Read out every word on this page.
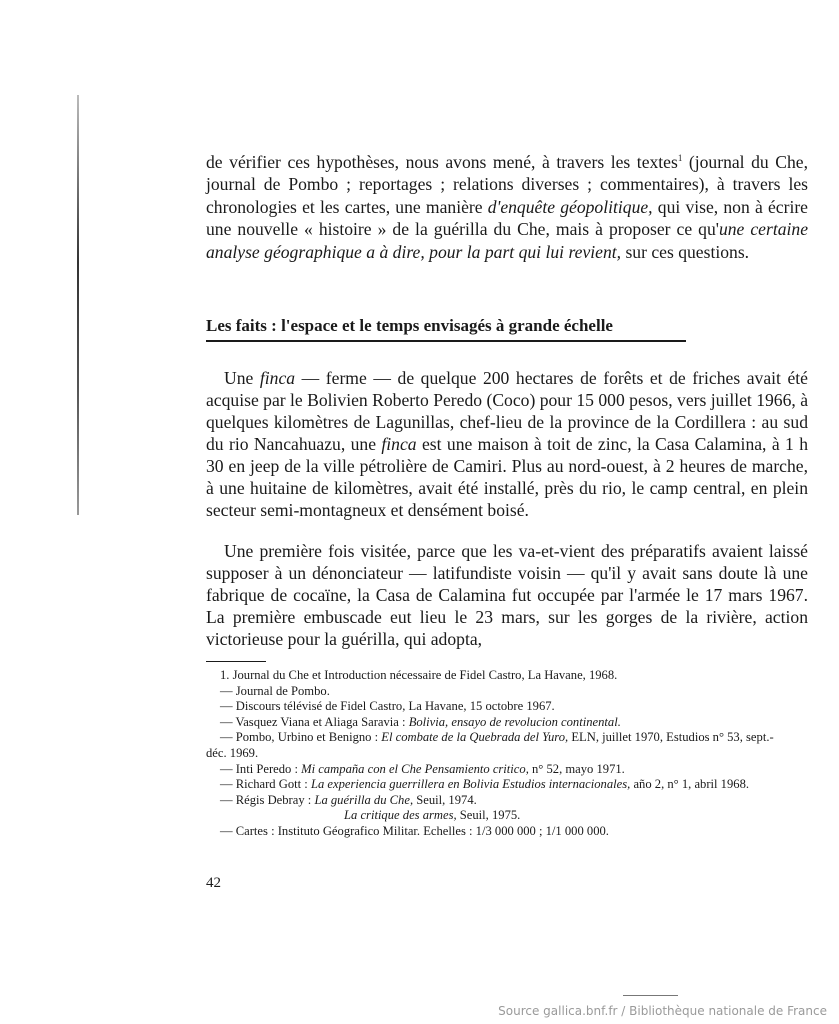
de vérifier ces hypothèses, nous avons mené, à travers les textes$^1$ (journal du Che, journal de Pombo ; reportages ; relations diverses ; commentaires), à travers les chronologies et les cartes, une manière d'enquête géopolitique, qui vise, non à écrire une nouvelle « histoire » de la guérilla du Che, mais à proposer ce qu'une certaine analyse géographique a à dire, pour la part qui lui revient, sur ces questions.

Les faits : l'espace et le temps envisagés à grande échelle

Une finca — ferme — de quelque 200 hectares de forêts et de friches avait été acquise par le Bolivien Roberto Peredo (Coco) pour 15 000 pesos, vers juillet 1966, à quelques kilomètres de Lagunillas, chef-lieu de la province de la Cordillera : au sud du rio Nancahuazu, une finca est une maison à toit de zinc, la Casa Calamina, à 1 h 30 en jeep de la ville pétrolière de Camiri. Plus au nord-ouest, à 2 heures de marche, à une huitaine de kilomètres, avait été installé, près du rio, le camp central, en plein secteur semi-montagneux et densément boisé.

Une première fois visitée, parce que les va-et-vient des préparatifs avaient laissé supposer à un dénonciateur — latifundiste voisin — qu'il y avait sans doute là une fabrique de cocaïne, la Casa de Calamina fut occupée par l'armée le 17 mars 1967. La première embuscade eut lieu le 23 mars, sur les gorges de la rivière, action victorieuse pour la guérilla, qui adopta,

1. Journal du Che et Introduction nécessaire de Fidel Castro, La Havane, 1968.
— Journal de Pombo.
— Discours télévisé de Fidel Castro, La Havane, 15 octobre 1967.
— Vasquez Viana et Aliaga Saravia : Bolivia, ensayo de revolucion continental.
— Pombo, Urbino et Benigno : El combate de la Quebrada del Yuro, ELN, juillet 1970, Estudios n° 53, sept.-déc. 1969.
— Inti Peredo : Mi campaña con el Che Pensamiento critico, n° 52, mayo 1971.
— Richard Gott : La experiencia guerrillera en Bolivia Estudios internacionales, año 2, n° 1, abril 1968.
— Régis Debray : La guérilla du Che, Seuil, 1974.
La critique des armes, Seuil, 1975.
— Cartes : Instituto Géografico Militar. Echelles : 1/3 000 000 ; 1/1 000 000.

42

Source gallica.bnf.fr / Bibliothèque nationale de France
